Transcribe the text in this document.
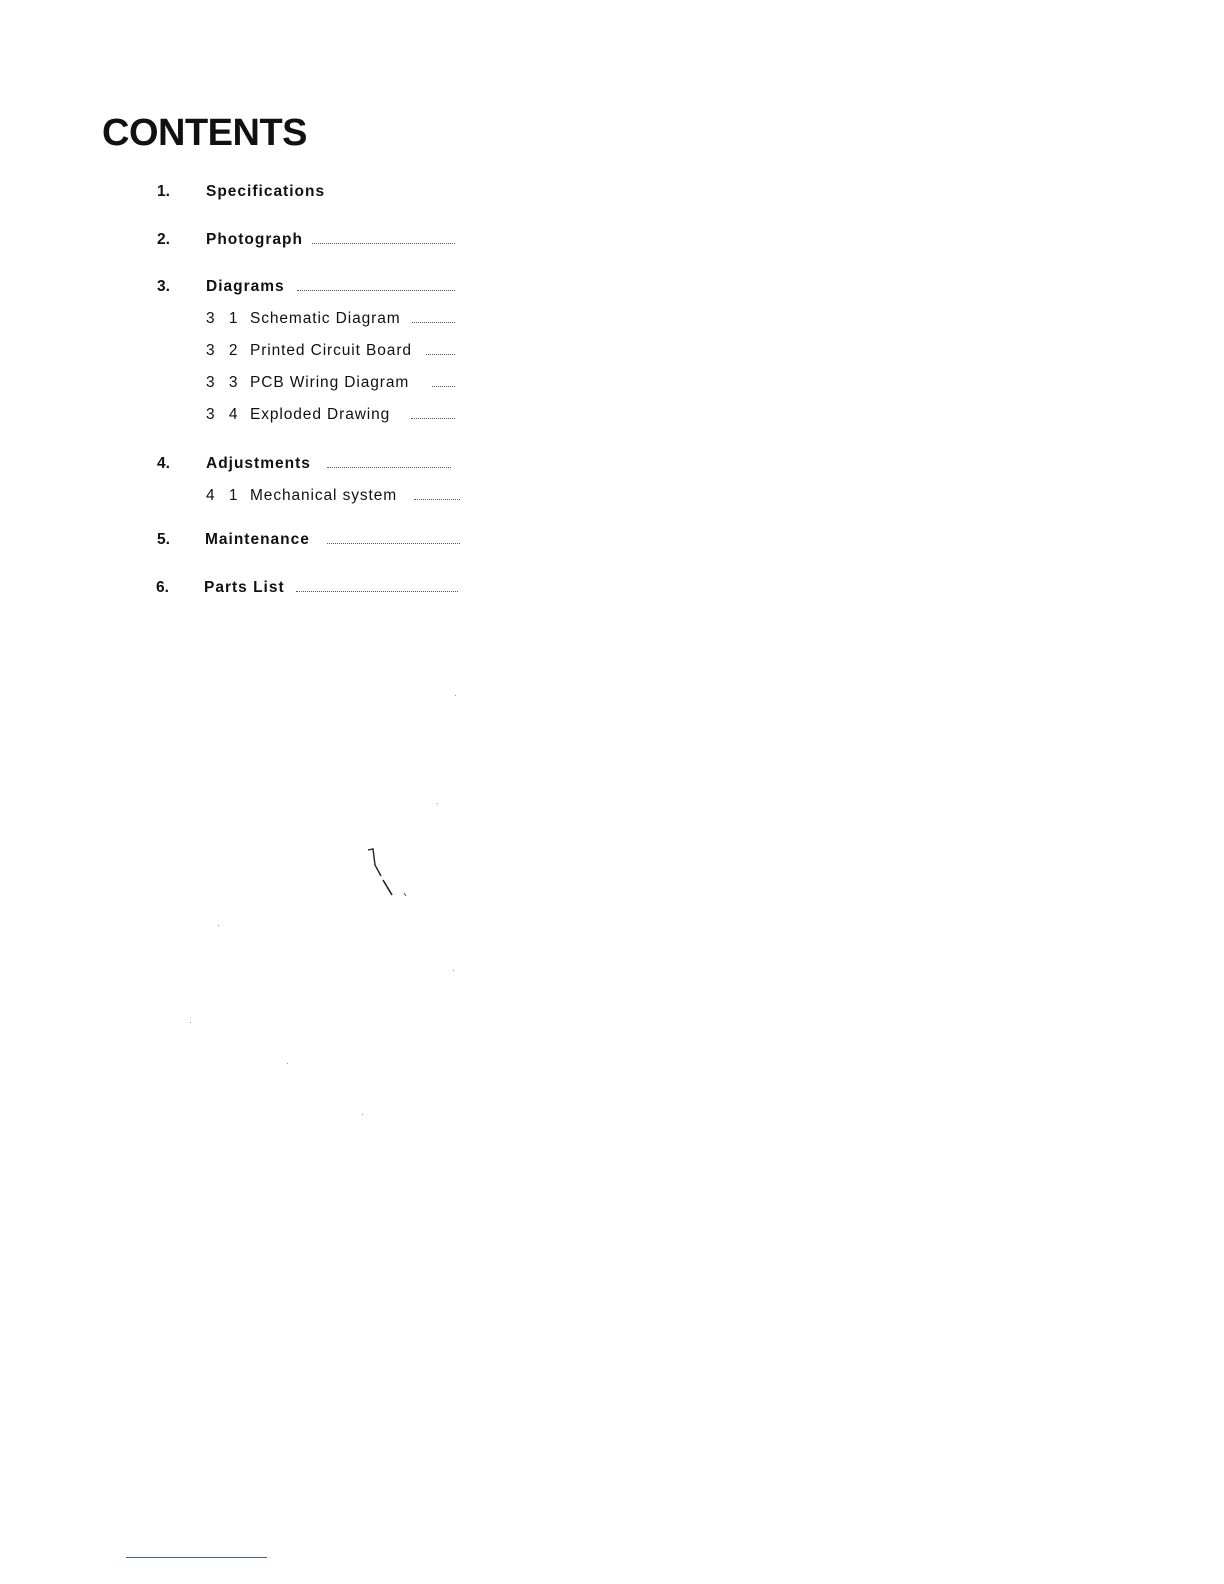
CONTENTS
1. Specifications
2. Photograph
3. Diagrams
3 1 Schematic Diagram
3 2 Printed Circuit Board
3 3 PCB Wiring Diagram
3 4 Exploded Drawing
4. Adjustments
4 1 Mechanical system
5. Maintenance
6. Parts List
